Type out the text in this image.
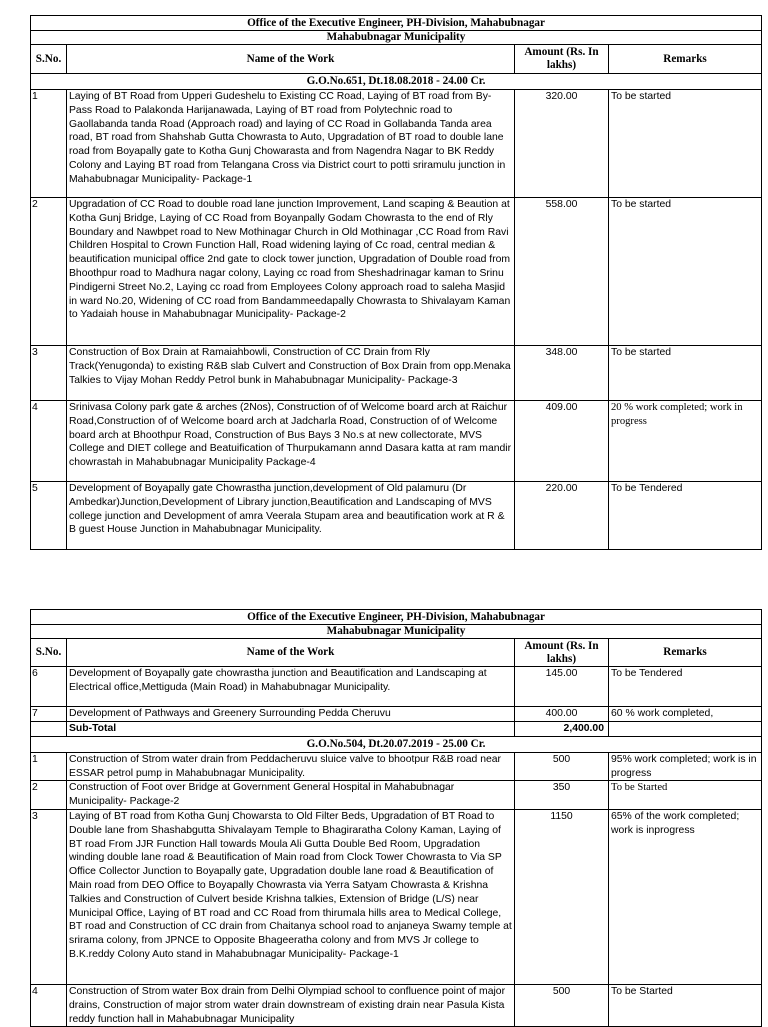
Office of the Executive Engineer, PH-Division, Mahabubnagar			
Mahabubnagar Municipality			
S.No.	Name of the Work	Amount (Rs. In lakhs)	Remarks
G.O.No.651, Dt.18.08.2018 - 24.00 Cr.			
1	Laying of BT Road from Upperi Gudeshelu to Existing CC Road, Laying of BT road from By-Pass Road to Palakonda Harijanawada, Laying of BT road from Polytechnic road to Gaollabanda tanda Road (Approach road) and laying of CC Road in Gollabanda Tanda area road, BT road from Shahshab Gutta Chowrasta to Auto, Upgradation of BT road to double lane road from Boyapally gate to Kotha Gunj Chowarasta and from Nagendra Nagar to BK Reddy Colony and Laying BT road from Telangana Cross via District court to potti sriramulu junction in Mahabubnagar Municipality- Package-1	320.00	To be started
2	Upgradation of CC Road to double road lane junction Improvement, Land scaping & Beaution at Kotha Gunj Bridge, Laying of CC Road from Boyanpally Godam Chowrasta to the end of Rly Boundary and Nawbpet road to New Mothinagar Church in Old Mothinagar ,CC Road from Ravi Children Hospital to Crown Function Hall, Road widening laying of Cc road, central median & beautification municipal office 2nd gate to clock tower junction, Upgradation of Double road from Bhoothpur road to Madhura nagar colony, Laying cc road from Sheshadrinagar kaman to Srinu Pindigerni Street No.2, Laying cc road from Employees Colony approach road to saleha Masjid in ward No.20, Widening of CC road from Bandammeedapally Chowrasta to Shivalayam Kaman to Yadaiah house in Mahabubnagar Municipality- Package-2	558.00	To be started
3	Construction of Box Drain at Ramaiahbowli, Construction of CC Drain from Rly Track(Yenugonda) to existing R&B slab Culvert and Construction of Box Drain from opp.Menaka Talkies to Vijay Mohan Reddy Petrol bunk in Mahabubnagar Municipality- Package-3	348.00	To be started
4	Srinivasa Colony park gate & arches (2Nos), Construction of of Welcome board arch at Raichur Road,Construction of of Welcome board arch at Jadcharla Road, Construction of of Welcome board arch at Bhoothpur Road, Construction of Bus Bays 3 No.s at new collectorate, MVS College and DIET college and Beatuification of Thurpukamann annd Dasara katta at ram mandir chowrastah in Mahabubnagar Municipality Package-4	409.00	20 % work completed; work in progress
5	Development of Boyapally gate Chowrastha junction,development of Old palamuru (Dr Ambedkar)Junction,Development of Library junction,Beautification and Landscaping of MVS college junction and Development of amra Veerala Stupam area and beautification work at R & B guest House Junction in Mahabubnagar Municipality.	220.00	To be Tendered
Office of the Executive Engineer, PH-Division, Mahabubnagar			
Mahabubnagar Municipality			
S.No.	Name of the Work	Amount (Rs. In lakhs)	Remarks
6	Development of Boyapally gate chowrastha junction and Beautification and Landscaping at Electrical office,Mettiguda (Main Road) in Mahabubnagar Municipality.	145.00	To be Tendered
7	Development of Pathways and Greenery Surrounding Pedda Cheruvu	400.00	60 % work completed,
	Sub-Total	2,400.00	
G.O.No.504, Dt.20.07.2019 - 25.00 Cr.			
1	Construction of Strom water drain from Peddacheruvu sluice valve to bhootpur R&B road near ESSAR petrol pump in Mahabubnagar Municipality.	500	95% work completed; work is in progress
2	Construction of Foot over Bridge at Government General Hospital in Mahabubnagar Municipality- Package-2	350	To be Started
3	Laying of BT road from Kotha Gunj Chowarsta to Old Filter Beds, Upgradation of BT Road to Double lane from Shashabgutta Shivalayam Temple to Bhagiraratha Colony Kaman, Laying of BT road From JJR Function Hall towards Moula Ali Gutta Double Bed Room, Upgradation winding double lane road & Beautification of Main road from Clock Tower Chowrasta to Via SP Office Collector Junction to Boyapally gate, Upgradation double lane road & Beautification of Main road from DEO Office to Boyapally Chowrasta via Yerra Satyam Chowrasta & Krishna Talkies and Construction of Culvert beside Krishna talkies, Extension of Bridge (L/S) near Municipal Office, Laying of BT road and CC Road from thirumala hills area to Medical College, BT road and Construction of CC drain from Chaitanya school road to anjaneya Swamy temple at srirama colony, from JPNCE to Opposite Bhageeratha colony and from MVS Jr college to B.K.reddy Colony Auto stand in Mahabubnagar Municipality- Package-1	1150	65% of the work completed; work is inprogress
4	Construction of Strom water Box drain from Delhi Olympiad school to confluence point of major drains, Construction of major strom water drain downstream of existing drain near Pasula Kista reddy function hall in Mahabubnagar Municipality	500	To be Started
